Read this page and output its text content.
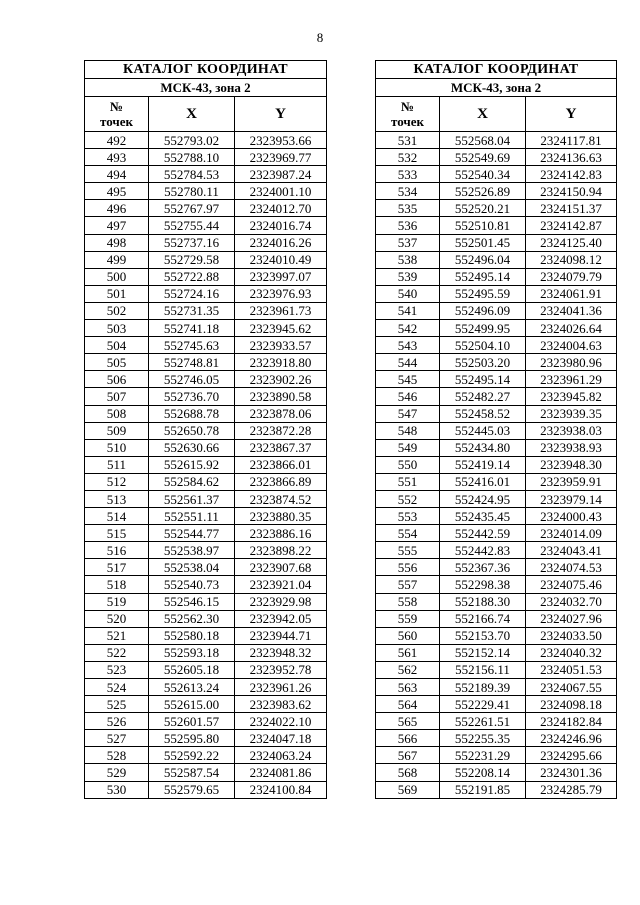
8
КАТАЛОГ КООРДИНАТ		
МСК-43, зона 2		
№
точек	X	Y
492	552793.02	2323953.66
493	552788.10	2323969.77
494	552784.53	2323987.24
495	552780.11	2324001.10
496	552767.97	2324012.70
497	552755.44	2324016.74
498	552737.16	2324016.26
499	552729.58	2324010.49
500	552722.88	2323997.07
501	552724.16	2323976.93
502	552731.35	2323961.73
503	552741.18	2323945.62
504	552745.63	2323933.57
505	552748.81	2323918.80
506	552746.05	2323902.26
507	552736.70	2323890.58
508	552688.78	2323878.06
509	552650.78	2323872.28
510	552630.66	2323867.37
511	552615.92	2323866.01
512	552584.62	2323866.89
513	552561.37	2323874.52
514	552551.11	2323880.35
515	552544.77	2323886.16
516	552538.97	2323898.22
517	552538.04	2323907.68
518	552540.73	2323921.04
519	552546.15	2323929.98
520	552562.30	2323942.05
521	552580.18	2323944.71
522	552593.18	2323948.32
523	552605.18	2323952.78
524	552613.24	2323961.26
525	552615.00	2323983.62
526	552601.57	2324022.10
527	552595.80	2324047.18
528	552592.22	2324063.24
529	552587.54	2324081.86
530	552579.65	2324100.84
КАТАЛОГ КООРДИНАТ		
МСК-43, зона 2		
№
точек	X	Y
531	552568.04	2324117.81
532	552549.69	2324136.63
533	552540.34	2324142.83
534	552526.89	2324150.94
535	552520.21	2324151.37
536	552510.81	2324142.87
537	552501.45	2324125.40
538	552496.04	2324098.12
539	552495.14	2324079.79
540	552495.59	2324061.91
541	552496.09	2324041.36
542	552499.95	2324026.64
543	552504.10	2324004.63
544	552503.20	2323980.96
545	552495.14	2323961.29
546	552482.27	2323945.82
547	552458.52	2323939.35
548	552445.03	2323938.03
549	552434.80	2323938.93
550	552419.14	2323948.30
551	552416.01	2323959.91
552	552424.95	2323979.14
553	552435.45	2324000.43
554	552442.59	2324014.09
555	552442.83	2324043.41
556	552367.36	2324074.53
557	552298.38	2324075.46
558	552188.30	2324032.70
559	552166.74	2324027.96
560	552153.70	2324033.50
561	552152.14	2324040.32
562	552156.11	2324051.53
563	552189.39	2324067.55
564	552229.41	2324098.18
565	552261.51	2324182.84
566	552255.35	2324246.96
567	552231.29	2324295.66
568	552208.14	2324301.36
569	552191.85	2324285.79
